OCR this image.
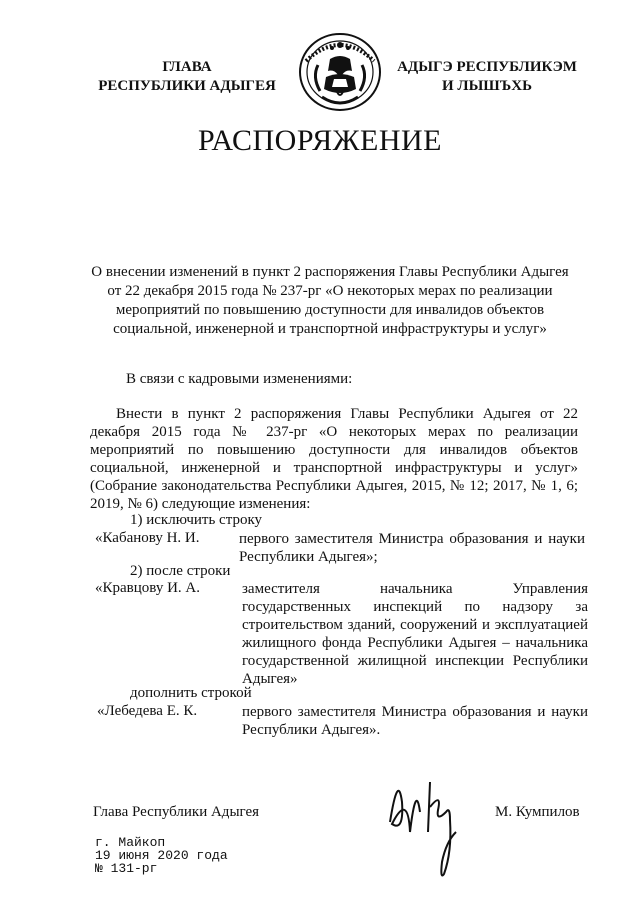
ГЛАВА
РЕСПУБЛИКИ АДЫГЕЯ
АДЫГЭ РЕСПУБЛИКЭМ
И ЛЫШЪХЬ
РАСПОРЯЖЕНИЕ
О внесении изменений в пункт 2 распоряжения Главы Республики Адыгея
от 22 декабря 2015 года № 237-рг «О некоторых мерах по реализации
мероприятий по повышению доступности для инвалидов объектов
социальной, инженерной и транспортной инфраструктуры и услуг»
В связи с кадровыми изменениями:
Внести в пункт 2 распоряжения Главы Республики Адыгея от 22
декабря 2015 года № 237-рг «О некоторых мерах по реализации
мероприятий по повышению доступности для инвалидов объектов
социальной, инженерной и транспортной инфраструктуры и услуг»
(Собрание законодательства Республики Адыгея, 2015, № 12; 2017, № 1, 6;
2019, № 6) следующие изменения:
1) исключить строку
«Кабанову Н. И.	первого заместителя Министра образования и науки
Республики Адыгея»;
2) после строки
«Кравцову И. А.	заместителя начальника Управления
государственных инспекций по надзору за
строительством зданий, сооружений и эксплуатацией
жилищного фонда Республики Адыгея – начальника
государственной жилищной инспекции Республики
Адыгея»
дополнить строкой
«Лебедева Е. К.	первого заместителя Министра образования и науки
Республики Адыгея».
Глава Республики Адыгея	М. Кумпилов
г. Майкоп
19 июня 2020 года
№ 131-рг
